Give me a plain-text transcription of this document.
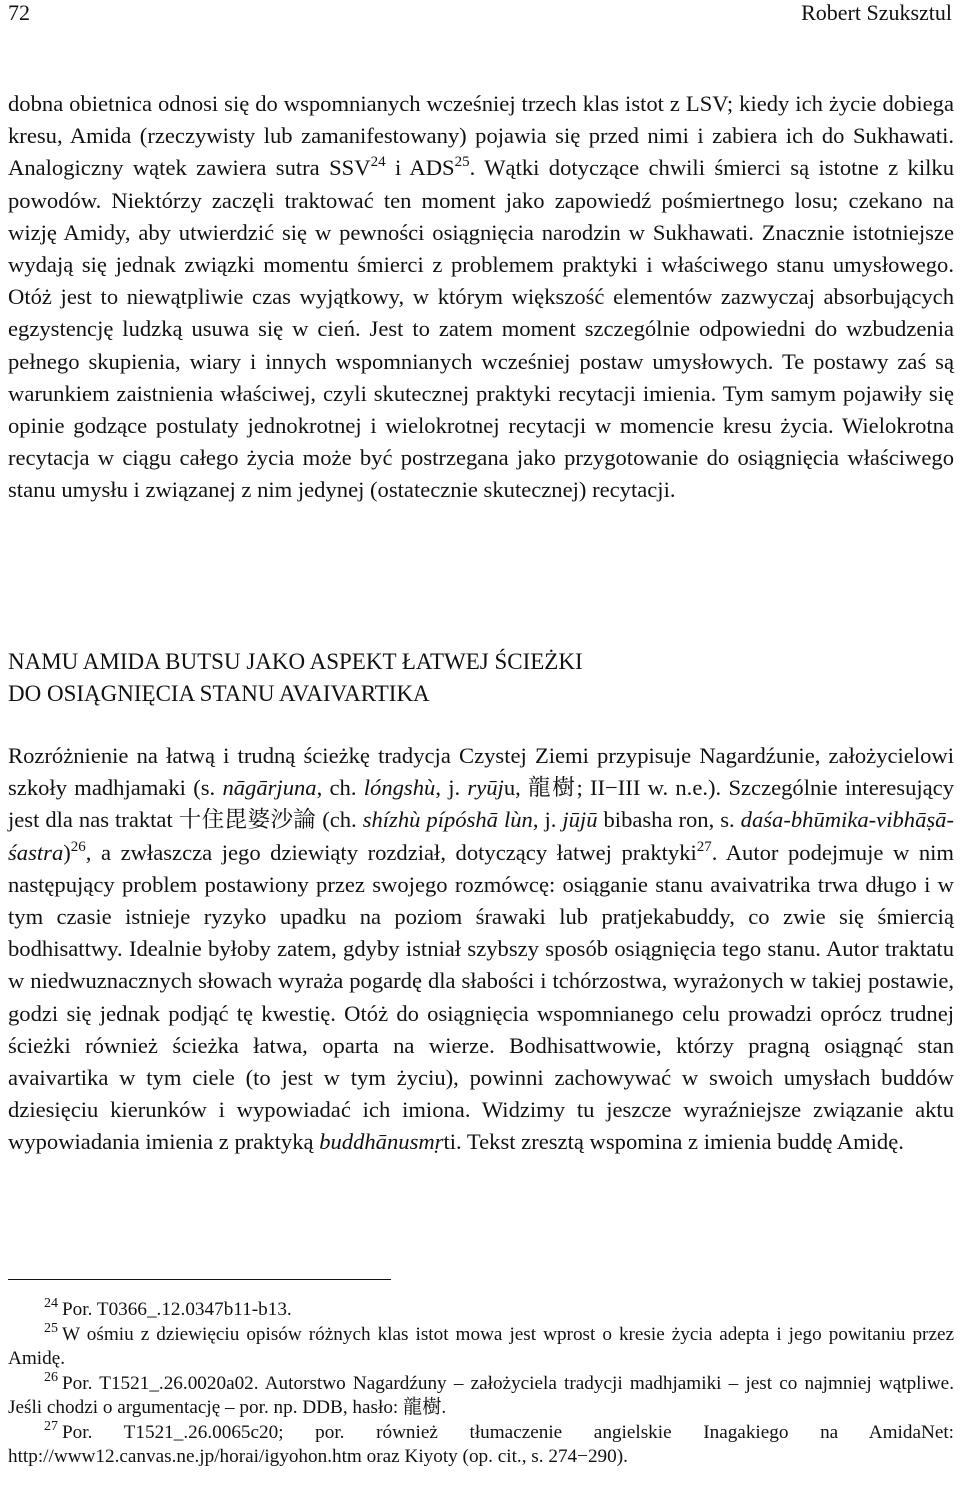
72	Robert Szuksztul

dobna obietnica odnosi się do wspomnianych wcześniej trzech klas istot z LSV; kiedy ich życie dobiega kresu, Amida (rzeczywisty lub zamanifestowany) pojawia się przed nimi i zabiera ich do Sukhawati. Analogiczny wątek zawiera sutra SSV$^{24}$ i ADS$^{25}$. Wątki dotyczące chwili śmierci są istotne z kilku powodów. Niektórzy zaczęli traktować ten moment jako zapowiedź pośmiertnego losu; czekano na wizję Amidy, aby utwierdzić się w pewności osiągnięcia narodzin w Sukhawati. Znacznie istotniejsze wydają się jednak związki momentu śmierci z problemem praktyki i właściwego stanu umysłowego. Otóż jest to niewątpliwie czas wyjątkowy, w którym większość elementów zazwyczaj absorbujących egzystencję ludzką usuwa się w cień. Jest to zatem moment szczególnie odpowiedni do wzbudzenia pełnego skupienia, wiary i innych wspomnianych wcześniej postaw umysłowych. Te postawy zaś są warunkiem zaistnienia właściwej, czyli skutecznej praktyki recytacji imienia. Tym samym pojawiły się opinie godzące postulaty jednokrotnej i wielokrotnej recytacji w momencie kresu życia. Wielokrotna recytacja w ciągu całego życia może być postrzegana jako przygotowanie do osiągnięcia właściwego stanu umysłu i związanej z nim jedynej (ostatecznie skutecznej) recytacji.

NAMU AMIDA BUTSU JAKO ASPEKT ŁATWEJ ŚCIEŻKI
DO OSIĄGNIĘCIA STANU AVAIVARTIKA

Rozróżnienie na łatwą i trudną ścieżkę tradycja Czystej Ziemi przypisuje Nagardźunie, założycielowi szkoły madhjamaki (s. nāgārjuna, ch. lóngshù, j. ryūju, 龍樹; II−III w. n.e.). Szczególnie interesujący jest dla nas traktat 十住毘婆沙論 (ch. shízhù pípóshā lùn, j. jūjū bibasha ron, s. daśa-bhūmika-vibhāṣā-śastra)$^{26}$, a zwłaszcza jego dziewiąty rozdział, dotyczący łatwej praktyki$^{27}$. Autor podejmuje w nim następujący problem postawiony przez swojego rozmówcę: osiąganie stanu avaivatrika trwa długo i w tym czasie istnieje ryzyko upadku na poziom śrawaki lub pratjekabuddy, co zwie się śmiercią bodhisattwy. Idealnie byłoby zatem, gdyby istniał szybszy sposób osiągnięcia tego stanu. Autor traktatu w niedwuznacznych słowach wyraża pogardę dla słabości i tchórzostwa, wyrażonych w takiej postawie, godzi się jednak podjąć tę kwestię. Otóż do osiągnięcia wspomnianego celu prowadzi oprócz trudnej ścieżki również ścieżka łatwa, oparta na wierze. Bodhisattwowie, którzy pragną osiągnąć stan avaivartika w tym ciele (to jest w tym życiu), powinni zachowywać w swoich umysłach buddów dziesięciu kierunków i wypowiadać ich imiona. Widzimy tu jeszcze wyraźniejsze związanie aktu wypowiadania imienia z praktyką buddhānusmṛti. Tekst zresztą wspomina z imienia buddę Amidę.

$^{24}$ Por. T0366_.12.0347b11-b13.

$^{25}$ W ośmiu z dziewięciu opisów różnych klas istot mowa jest wprost o kresie życia adepta i jego powitaniu przez Amidę.

$^{26}$ Por. T1521_.26.0020a02. Autorstwo Nagardźuny – założyciela tradycji madhjamiki – jest co najmniej wątpliwe. Jeśli chodzi o argumentację – por. np. DDB, hasło: 龍樹.

$^{27}$ Por. T1521_.26.0065c20; por. również tłumaczenie angielskie Inagakiego na AmidaNet: http://www12.canvas.ne.jp/horai/igyohon.htm oraz Kiyoty (op. cit., s. 274−290).
